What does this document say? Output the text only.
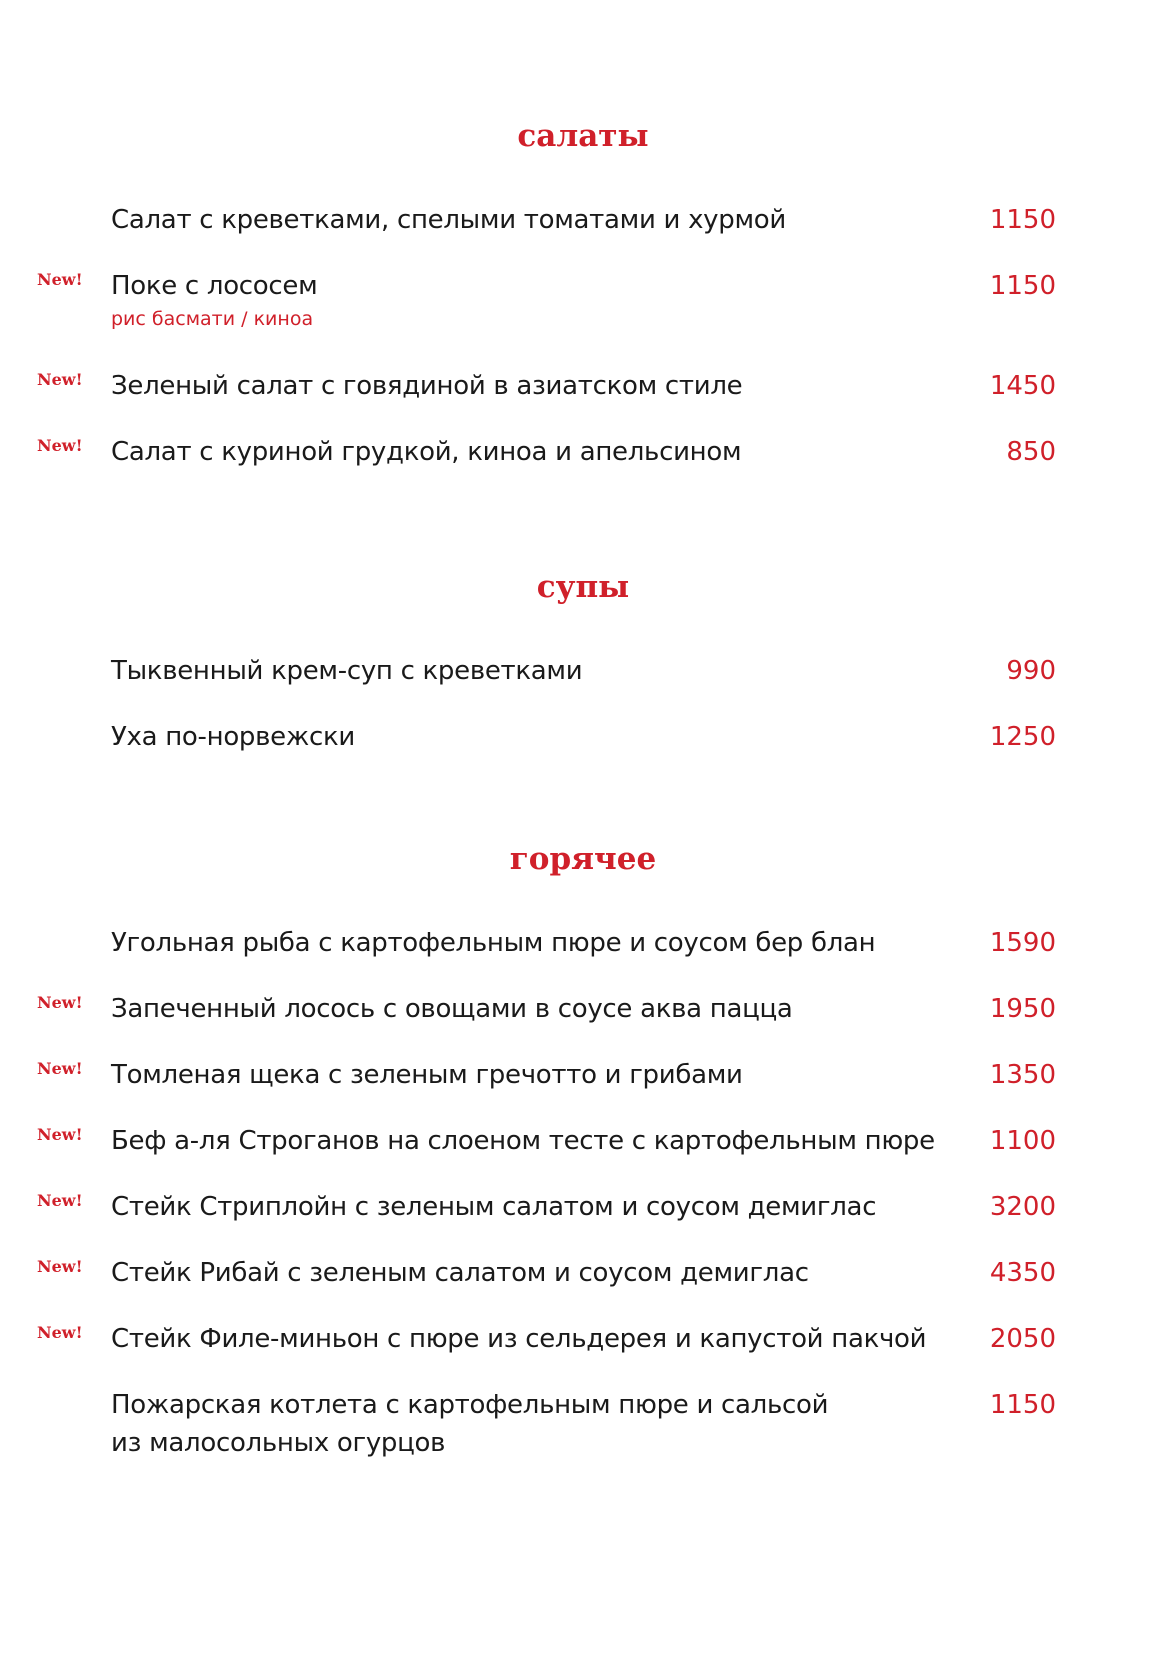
салаты
Салат с креветками, спелыми томатами и хурмой	1150
New! Поке с лососем
рис басмати / киноа
1150
New! Зеленый салат с говядиной в азиатском стиле	1450
New! Салат с куриной грудкой, киноа и апельсином	850
супы
Тыквенный крем-суп с креветками	990
Уха по-норвежски	1250
горячее
Угольная рыба с картофельным пюре и соусом бер блан	1590
New! Запеченный лосось с овощами в соусе аква пацца	1950
New! Томленая щека с зеленым гречотто и грибами	1350
New! Беф а-ля Строганов на слоеном тесте с картофельным пюре 1100
New! Стейк Стриплойн с зеленым салатом и соусом демиглас	3200
New! Стейк Рибай с зеленым салатом и соусом демиглас	4350
New! Стейк Филе-миньон с пюре из сельдерея и капустой пакчой 2050
Пожарская котлета с картофельным пюре и сальсой
из малосольных огурцов
1150
